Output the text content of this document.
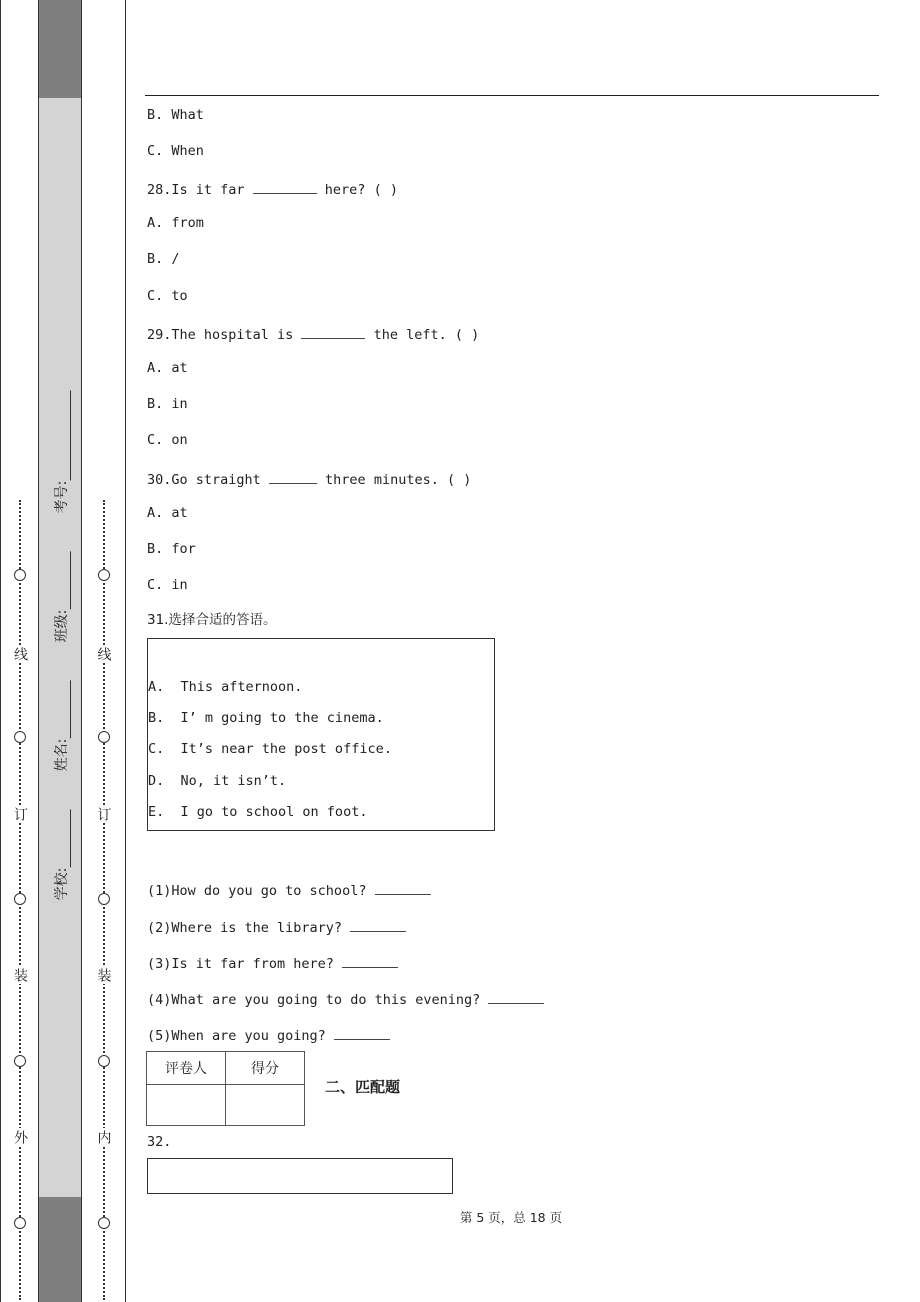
线
订
装
外
学校:
姓名:
班级:
考号:
线
订
装
内
B. What
C. When
28.Is it far	here? ( )
A. from
B. /
C. to
29.The hospital is	the left. ( )
A. at
B. in
C. on
30.Go straight	three minutes. ( )
A. at
B. for
C. in
31.选择合适的答语。
A.  This afternoon.
B.  I’ m going to the cinema.
C.  It’s near the post office.
D.  No, it isn’t.
E.  I go to school on foot.
(1)How do you go to school?
(2)Where is the library?
(3)Is it far from here?
(4)What are you going to do this evening?
(5)When are you going?
评卷人	得分

二、匹配题
32.
第 5 页，总 18 页
